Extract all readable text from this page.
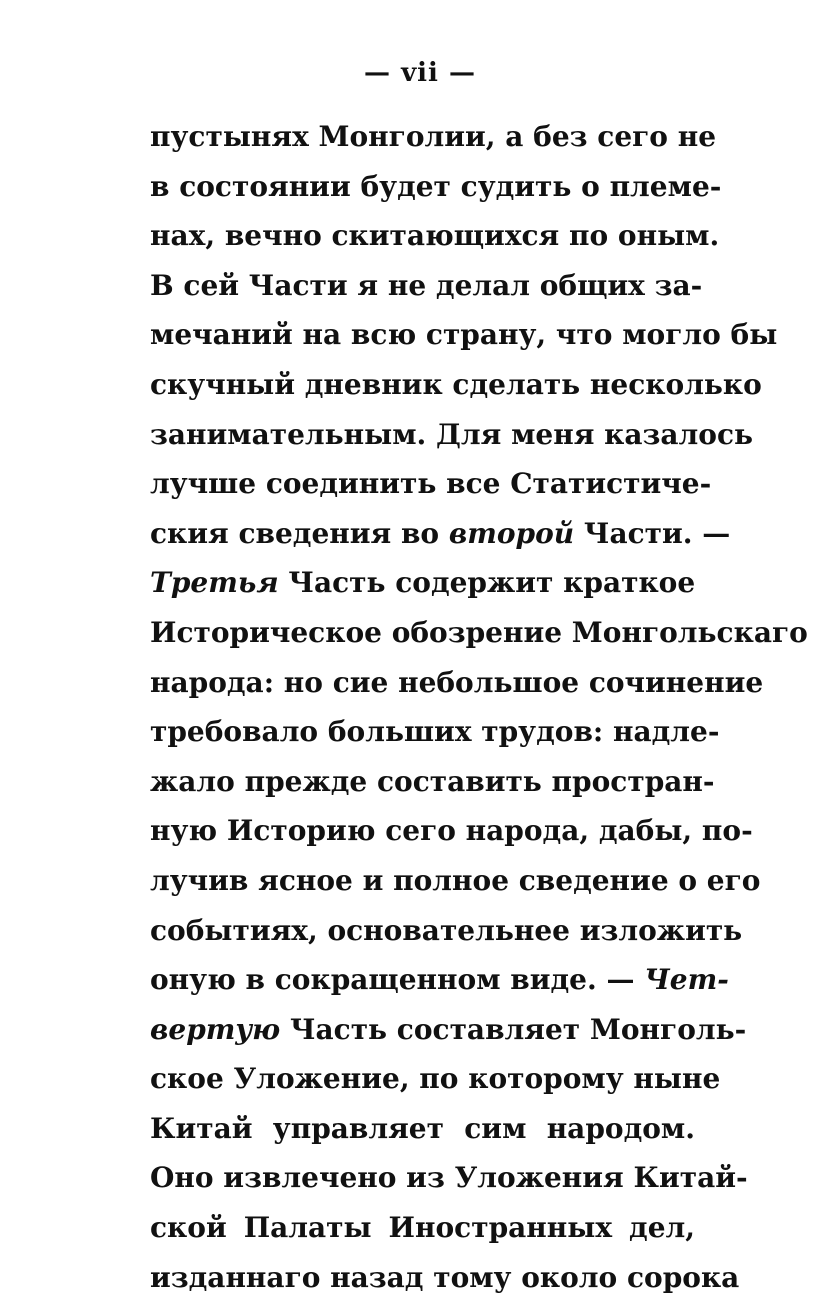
— vii —
пустынях Монголии, а без сего не
в состоянии будет судить о племе-
нах, вечно скитающихся по оным.
В сей Части я не делал общих за-
мечаний на всю страну, что могло бы
скучный дневник сделать несколько
занимательным. Для меня казалось
лучше соединить все Статистиче-
ския сведения во второй Части. —
Третья Часть содержит краткое
Историческое обозрение Монгольскаго
народа: но сие небольшое сочинение
требовало больших трудов: надле-
жало прежде составить простран-
ную Историю сего народа, дабы, по-
лучив ясное и полное сведение о его
событиях, основательнее изложить
оную в сокращенном виде. — Чет-
вертую Часть составляет Монголь-
ское Уложение, по которому ныне
Китай управляет сим народом.
Оно извлечено из Уложения Китай-
ской Палаты Иностранных дел,
изданнаго назад тому около сорока
